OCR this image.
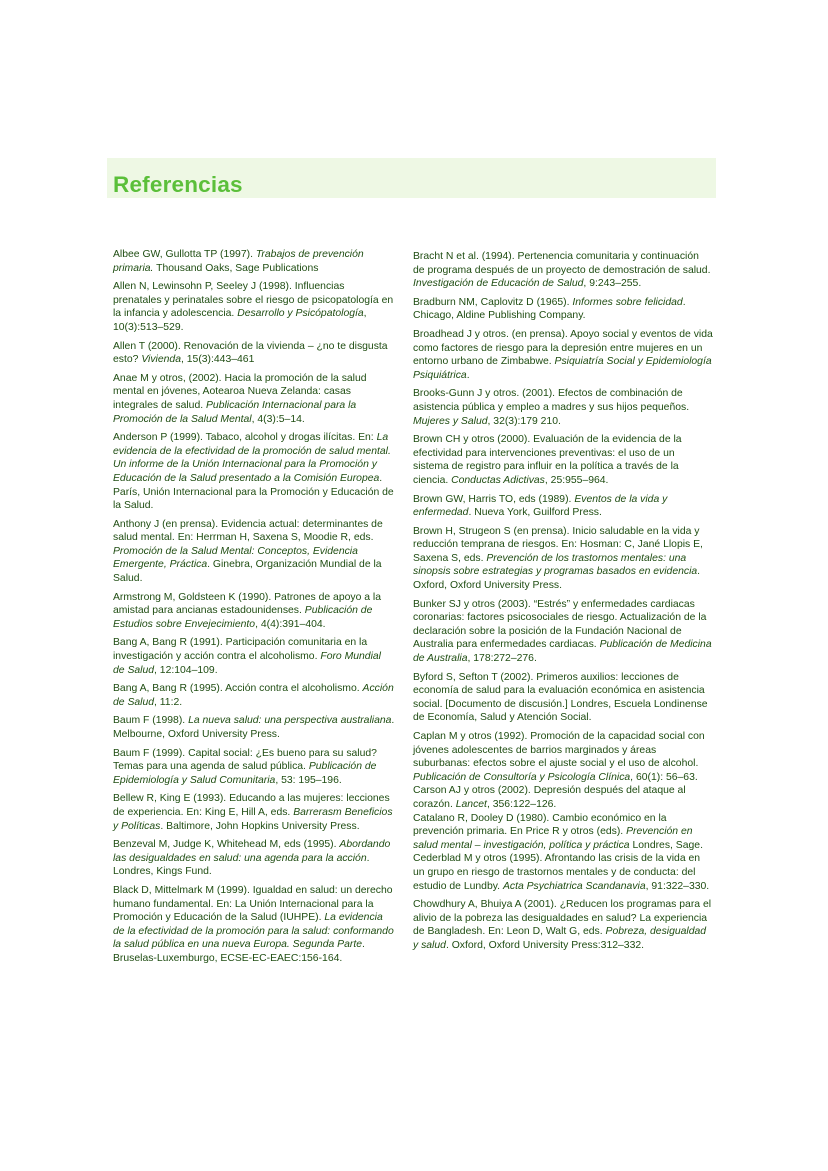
Referencias

Albee GW, Gullotta TP (1997). Trabajos de prevención primaria. Thousand Oaks, Sage Publications

Allen N, Lewinsohn P, Seeley J (1998). Influencias prenatales y perinatales sobre el riesgo de psicopatología en la infancia y adolescencia. Desarrollo y Psicópatología, 10(3):513–529.

Allen T (2000). Renovación de la vivienda – ¿no te disgusta esto? Vivienda, 15(3):443–461

Anae M y otros, (2002). Hacia la promoción de la salud mental en jóvenes, Aotearoa Nueva Zelanda: casas integrales de salud. Publicación Internacional para la Promoción de la Salud Mental, 4(3):5–14.

Anderson P (1999). Tabaco, alcohol y drogas ilícitas. En: La evidencia de la efectividad de la promoción de salud mental. Un informe de la Unión Internacional para la Promoción y Educación de la Salud presentado a la Comisión Europea. París, Unión Internacional para la Promoción y Educación de la Salud.

Anthony J (en prensa). Evidencia actual: determinantes de salud mental. En: Herrman H, Saxena S, Moodie R, eds. Promoción de la Salud Mental: Conceptos, Evidencia Emergente, Práctica. Ginebra, Organización Mundial de la Salud.

Armstrong M, Goldsteen K (1990). Patrones de apoyo a la amistad para ancianas estadounidenses. Publicación de Estudios sobre Envejecimiento, 4(4):391–404.

Bang A, Bang R (1991). Participación comunitaria en la investigación y acción contra el alcoholismo. Foro Mundial de Salud, 12:104–109.

Bang A, Bang R (1995). Acción contra el alcoholismo. Acción de Salud, 11:2.

Baum F (1998). La nueva salud: una perspectiva australiana. Melbourne, Oxford University Press.

Baum F (1999). Capital social: ¿Es bueno para su salud? Temas para una agenda de salud pública. Publicación de Epidemiología y Salud Comunitaria, 53: 195–196.

Bellew R, King E (1993). Educando a las mujeres: lecciones de experiencia. En: King E, Hill A, eds. Barrerasm Beneficios y Políticas. Baltimore, John Hopkins University Press.

Benzeval M, Judge K, Whitehead M, eds (1995). Abordando las desigualdades en salud: una agenda para la acción. Londres, Kings Fund.

Black D, Mittelmark M (1999). Igualdad en salud: un derecho humano fundamental. En: La Unión Internacional para la Promoción y Educación de la Salud (IUHPE). La evidencia de la efectividad de la promoción para la salud: conformando la salud pública en una nueva Europa. Segunda Parte. Bruselas-Luxemburgo, ECSE-EC-EAEC:156-164.

Bracht N et al. (1994). Pertenencia comunitaria y continuación de programa después de un proyecto de demostración de salud. Investigación de Educación de Salud, 9:243–255.

Bradburn NM, Caplovitz D (1965). Informes sobre felicidad. Chicago, Aldine Publishing Company.

Broadhead J y otros. (en prensa). Apoyo social y eventos de vida como factores de riesgo para la depresión entre mujeres en un entorno urbano de Zimbabwe. Psiquiatría Social y Epidemiología Psiquiátrica.

Brooks-Gunn J y otros. (2001). Efectos de combinación de asistencia pública y empleo a madres y sus hijos pequeños. Mujeres y Salud, 32(3):179 210.

Brown CH y otros (2000). Evaluación de la evidencia de la efectividad para intervenciones preventivas: el uso de un sistema de registro para influir en la política a través de la ciencia. Conductas Adictivas, 25:955–964.

Brown GW, Harris TO, eds (1989). Eventos de la vida y enfermedad. Nueva York, Guilford Press.

Brown H, Strugeon S (en prensa). Inicio saludable en la vida y reducción temprana de riesgos. En: Hosman: C, Jané Llopis E, Saxena S, eds. Prevención de los trastornos mentales: una sinopsis sobre estrategias y programas basados en evidencia. Oxford, Oxford University Press.

Bunker SJ y otros (2003). “Estrés” y enfermedades cardiacas coronarias: factores psicosociales de riesgo. Actualización de la declaración sobre la posición de la Fundación Nacional de Australia para enfermedades cardiacas. Publicación de Medicina de Australia, 178:272–276.

Byford S, Sefton T (2002). Primeros auxilios: lecciones de economía de salud para la evaluación económica en asistencia social. [Documento de discusión.] Londres, Escuela Londinense de Economía, Salud y Atención Social.

Caplan M y otros (1992). Promoción de la capacidad social con jóvenes adolescentes de barrios marginados y áreas suburbanas: efectos sobre el ajuste social y el uso de alcohol. Publicación de Consultoría y Psicología Clínica, 60(1): 56–63.

Carson AJ y otros (2002). Depresión después del ataque al corazón. Lancet, 356:122–126.

Catalano R, Dooley D (1980). Cambio económico en la prevención primaria. En Price R y otros (eds). Prevención en salud mental – investigación, política y práctica Londres, Sage.

Cederblad M y otros (1995). Afrontando las crisis de la vida en un grupo en riesgo de trastornos mentales y de conducta: del estudio de Lundby. Acta Psychiatrica Scandanavia, 91:322–330.

Chowdhury A, Bhuiya A (2001). ¿Reducen los programas para el alivio de la pobreza las desigualdades en salud? La experiencia de Bangladesh. En: Leon D, Walt G, eds. Pobreza, desigualdad y salud. Oxford, Oxford University Press:312–332.
